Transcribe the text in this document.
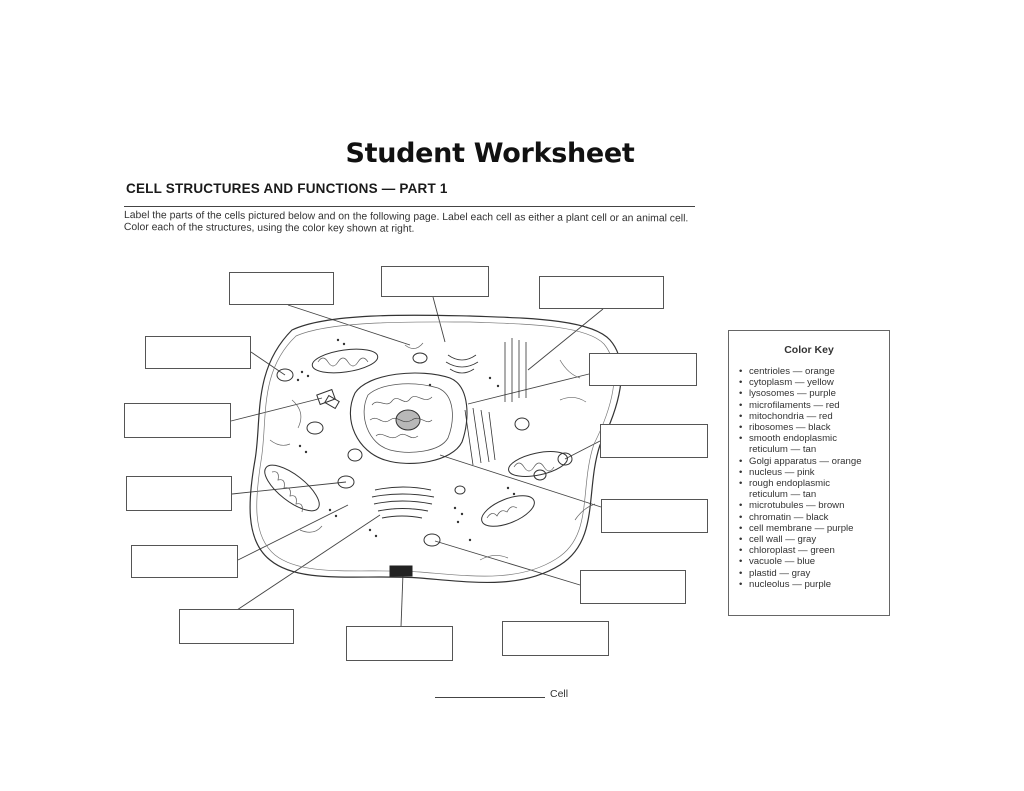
Student Worksheet
CELL STRUCTURES AND FUNCTIONS — PART 1
Label the parts of the cells pictured below and on the following page. Label each cell as either a plant cell or an animal cell. Color each of the structures, using the color key shown at right.
Color Key
• centrioles — orange
• cytoplasm — yellow
• lysosomes — purple
• microfilaments — red
• mitochondria — red
• ribosomes — black
• smooth endoplasmic
reticulum — tan
• Golgi apparatus — orange
• nucleus — pink
• rough endoplasmic
reticulum — tan
• microtubules — brown
• chromatin — black
• cell membrane — purple
• cell wall — gray
• chloroplast — green
• vacuole — blue
• plastid — gray
• nucleolus — purple
Cell
